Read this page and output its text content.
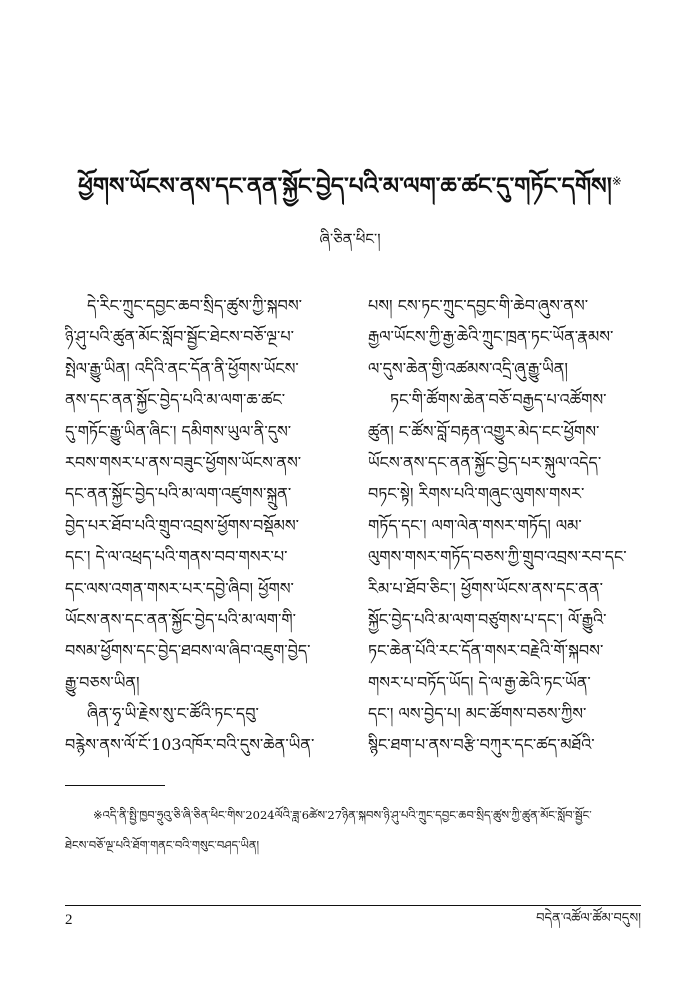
ཕྱོགས་ཡོངས་ནས་དང་ནན་སྐྱོང་བྱེད་པའི་མ་ལག་ཆ་ཚང་དུ་གཏོང་དགོས།※
ཞི་ཅིན་ཕིང་།
དེ་རིང་ཀྲུང་དབྱང་ཆབ་སྲིད་ཚུས་ཀྱི་སྐབས་
ཉི་ཤུ་པའི་ཚུན་མོང་སློབ་སྦྱོང་ཐེངས་བཅོ་ལྔ་པ་
སྤེལ་རྒྱུ་ཡིན། འདིའི་ནང་དོན་ནི་ཕྱོགས་ཡོངས་
ནས་དང་ནན་སྐྱོང་བྱེད་པའི་མ་ལག་ཆ་ཚང་
དུ་གཏོང་རྒྱུ་ཡིན་ཞིང་། དམིགས་ཡུལ་ནི་དུས་
རབས་གསར་པ་ནས་བཟུང་ཕྱོགས་ཡོངས་ནས་
དང་ནན་སྐྱོང་བྱེད་པའི་མ་ལག་འཛུགས་སྐྲུན་
བྱེད་པར་ཐོབ་པའི་གྲུབ་འབྲས་ཕྱོགས་བསྡོམས་
དང་། དེ་ལ་འཕྲད་པའི་གནས་བབ་གསར་པ་
དང་ལས་འགན་གསར་པར་དབྱེ་ཞིབ། ཕྱོགས་
ཡོངས་ནས་དང་ནན་སྐྱོང་བྱེད་པའི་མ་ལག་གི་
བསམ་ཕྱོགས་དང་བྱེད་ཐབས་ལ་ཞིབ་འཇུག་བྱེད་
རྒྱུ་བཅས་ཡིན།
ཞིན་ཧྭ་ཡི་རྗེས་སུ་ང་ཚོའི་ཏང་དབུ་
བརྙེས་ནས་ལོ་ངོ་103འཁོར་བའི་དུས་ཆེན་ཡིན་
པས། ངས་ཏང་ཀྲུང་དབྱང་གི་ཆེབ་ཞུས་ནས་
རྒྱལ་ཡོངས་ཀྱི་རྒྱ་ཆེའི་ཀྲུང་ཁྲན་ཏང་ཡོན་རྣམས་
ལ་དུས་ཆེན་གྱི་འཚམས་འདྲི་ཞུ་རྒྱུ་ཡིན།
ཏང་གི་ཚོགས་ཆེན་བཅོ་བརྒྱད་པ་འཚོགས་
ཚུན། ང་ཚོས་བློ་བརྟན་འགྱུར་མེད་ངང་ཕྱོགས་
ཡོངས་ནས་དང་ནན་སྐྱོང་བྱེད་པར་སྐུལ་འདེད་
བཏང་སྟེ། རིགས་པའི་གཞུང་ལུགས་གསར་
གཏོད་དང་། ལག་ལེན་གསར་གཏོད། ལམ་
ལུགས་གསར་གཏོད་བཅས་ཀྱི་གྲུབ་འབྲས་རབ་དང་
རིམ་པ་ཐོབ་ཅིང་། ཕྱོགས་ཡོངས་ནས་དང་ནན་
སྐྱོང་བྱེད་པའི་མ་ལག་བཙུགས་པ་དང་། ལོ་རྒྱུའི་
ཏང་ཆེན་པོའི་རང་དོན་གསར་བརྗེའི་གོ་སྐབས་
གསར་པ་བཏོད་ཡོད། དེ་ལ་རྒྱ་ཆེའི་ཏང་ཡོན་
དང་། ལས་བྱེད་པ། མང་ཚོགས་བཅས་ཀྱིས་
སྙིང་ཐག་པ་ནས་བརྩི་བཀུར་དང་ཚད་མཐོའི་
※འདི་ནི་སྤྱི་ཁྱབ་ཧྲུའུ་ཅི་ཞི་ཅིན་ཕིང་གིས་2024ལོའི་ཟླ་6ཚེས་27ཉིན་སྐབས་ཉི་ཤུ་པའི་ཀྲུང་དབྱང་ཆབ་སྲིད་ཚུས་ཀྱི་ཚུན་མོང་སློབ་སྦྱོང་
ཐེངས་བཅོ་ལྔ་པའི་ཐོག་གནང་བའི་གསུང་བཤད་ཡིན།
2	བདེན་འཚོལ་ཚོམ་བདུས།
